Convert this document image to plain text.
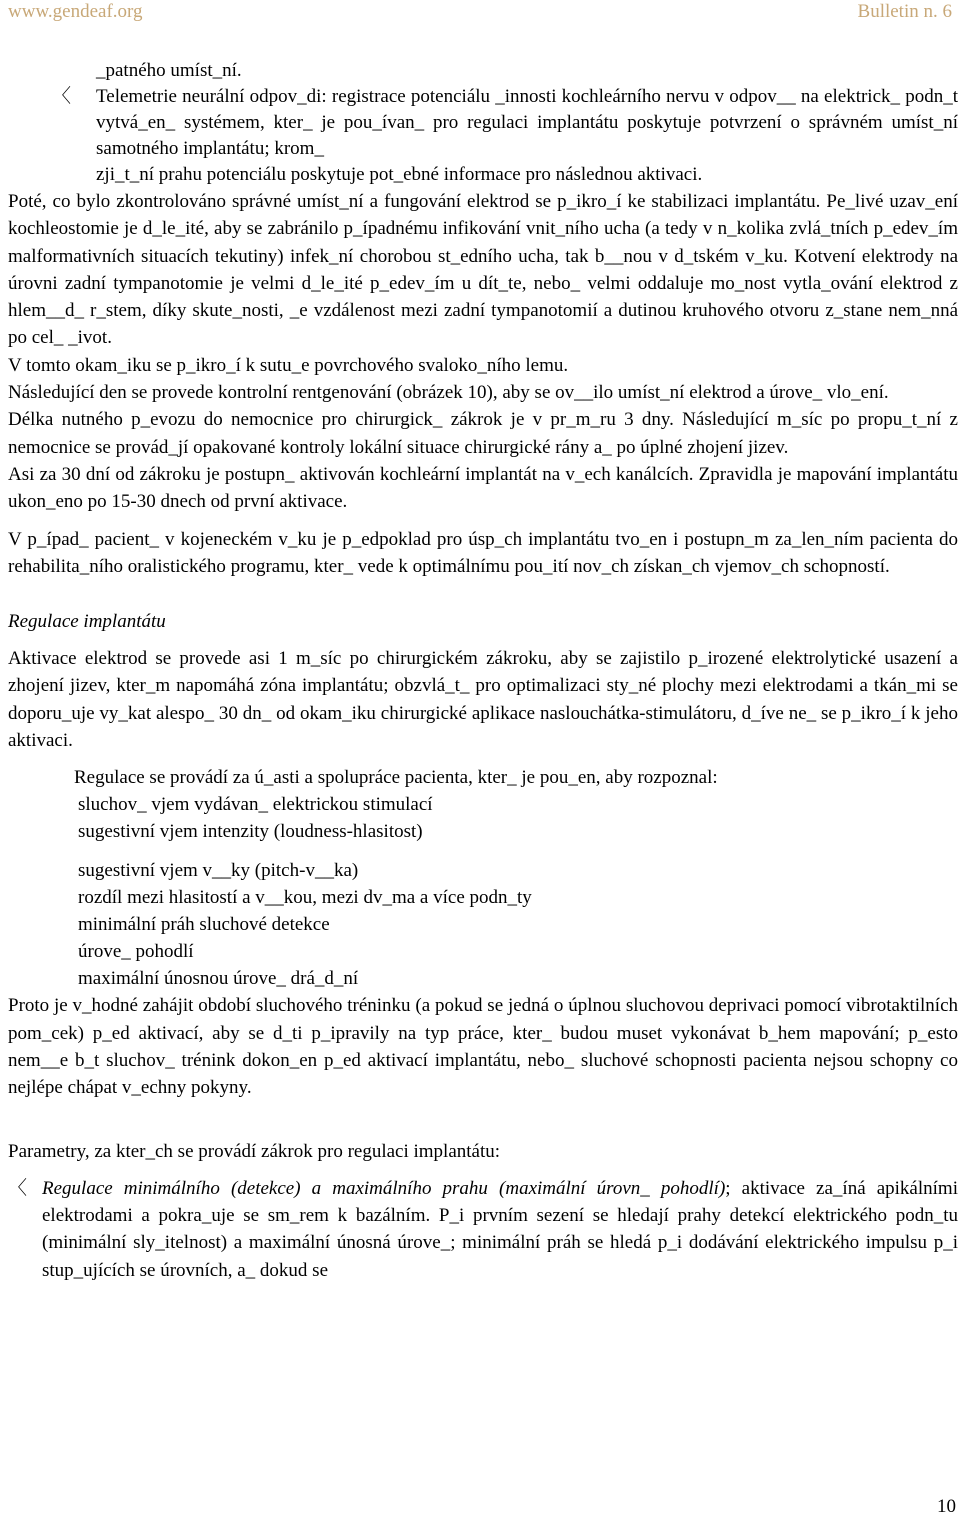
www.gendeaf.org	Bulletin n. 6

_patného umíst_ní.

〈 Telemetrie neurální odpov_di: registrace potenciálu _innosti kochleárního nervu v odpov__ na elektrick_ podn_t vytvá_en_ systémem, kter_ je pou_ívan_ pro regulaci implantátu poskytuje potvrzení o správném umíst_ní samotného implantátu; krom_

zji_t_ní prahu potenciálu poskytuje pot_ebné informace pro následnou aktivaci.

Poté, co bylo zkontrolováno správné umíst_ní a fungování elektrod se p_ikro_í ke stabilizaci implantátu. Pe_livé uzav_ení kochleostomie je d_le_ité, aby se zabránilo p_ípadnému infikování vnit_ního ucha (a tedy v n_kolika zvlá_tních p_edev_ím malformativních situacích tekutiny) infek_ní chorobou st_edního ucha, tak b__nou v d_tském v_ku. Kotvení elektrody na úrovni zadní tympanotomie je velmi d_le_ité p_edev_ím u dít_te, nebo_ velmi oddaluje mo_nost vytla_ování elektrod z hlem__d_ r_stem, díky skute_nosti, _e vzdálenost mezi zadní tympanotomií a dutinou kruhového otvoru z_stane nem_nná po cel_ _ivot.

V tomto okam_iku se p_ikro_í k sutu_e povrchového svaloko_ního lemu.

Následující den se provede kontrolní rentgenování (obrázek 10), aby se ov__ilo umíst_ní elektrod a úrove_ vlo_ení.

Délka nutného p_evozu do nemocnice pro chirurgick_ zákrok je v pr_m_ru 3 dny. Následující m_síc po propu_t_ní z nemocnice se provád_jí opakované kontroly lokální situace chirurgické rány a_ po úplné zhojení jizev.

Asi za 30 dní od zákroku je postupn_ aktivován kochleární implantát na v_ech kanálcích. Zpravidla je mapování implantátu ukon_eno po 15-30 dnech od první aktivace.

V p_ípad_ pacient_ v kojeneckém v_ku je p_edpoklad pro úsp_ch implantátu tvo_en i postupn_m za_len_ním pacienta do rehabilita_ního oralistického programu, kter_ vede k optimálnímu pou_ití nov_ch získan_ch vjemov_ch schopností.

Regulace implantátu

Aktivace elektrod se provede asi 1 m_síc po chirurgickém zákroku, aby se zajistilo p_irozené elektrolytické usazení a zhojení jizev, kter_m napomáhá zóna implantátu; obzvlá_t_ pro optimalizaci sty_né plochy mezi elektrodami a tkán_mi se doporu_uje vy_kat alespo_ 30 dn_ od okam_iku chirurgické aplikace naslouchátka-stimulátoru, d_íve ne_ se p_ikro_í k jeho aktivaci.

Regulace se provádí za ú_asti a spolupráce pacienta, kter_ je pou_en, aby rozpoznal:

sluchov_ vjem vydávan_ elektrickou stimulací

sugestivní vjem intenzity (loudness-hlasitost)

sugestivní vjem v__ky (pitch-v__ka)

rozdíl mezi hlasitostí a v__kou, mezi dv_ma a více podn_ty

minimální práh sluchové detekce

úrove_ pohodlí

maximální únosnou úrove_ drá_d_ní

Proto je v_hodné zahájit období sluchového tréninku (a pokud se jedná o úplnou sluchovou deprivaci pomocí vibrotaktilních pom_cek) p_ed aktivací, aby se d_ti p_ipravily na typ práce, kter_ budou muset vykonávat b_hem mapování; p_esto nem__e b_t sluchov_ trénink dokon_en p_ed aktivací implantátu, nebo_ sluchové schopnosti pacienta nejsou schopny co nejlépe chápat v_echny pokyny.

Parametry, za kter_ch se provádí zákrok pro regulaci implantátu:

〈 Regulace minimálního (detekce) a maximálního prahu (maximální úrovn_ pohodlí); aktivace za_íná apikálními elektrodami a pokra_uje se sm_rem k bazálním. P_i prvním sezení se hledají prahy detekcí elektrického podn_tu (minimální sly_itelnost) a maximální únosná úrove_; minimální práh se hledá p_i dodávání elektrického impulsu p_i stup_ujících se úrovních, a_ dokud se

10
